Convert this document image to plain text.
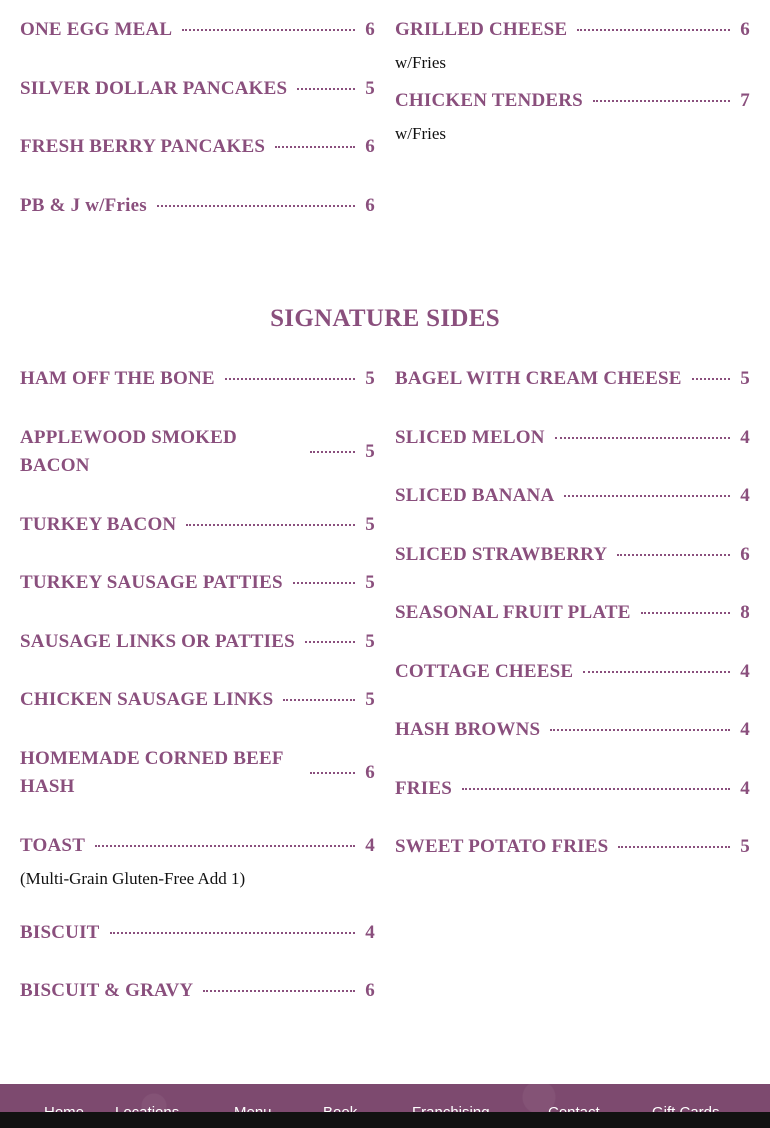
ONE EGG MEAL	6
SILVER DOLLAR PANCAKES	5
FRESH BERRY PANCAKES	6
PB & J w/Fries	6
GRILLED CHEESE	6
w/Fries
CHICKEN TENDERS	7
w/Fries
SIGNATURE SIDES
HAM OFF THE BONE	5
APPLEWOOD SMOKED BACON
5
TURKEY BACON	5
TURKEY SAUSAGE PATTIES	5
SAUSAGE LINKS OR PATTIES	5
CHICKEN SAUSAGE LINKS	5
HOMEMADE CORNED BEEF HASH
6
TOAST	4
(Multi-Grain Gluten-Free Add 1)
BISCUIT	4
BISCUIT & GRAVY	6
BAGEL WITH CREAM CHEESE	5
SLICED MELON	4
SLICED BANANA	4
SLICED STRAWBERRY	6
SEASONAL FRUIT PLATE	8
COTTAGE CHEESE	4
HASH BROWNS	4
FRIES	4
SWEET POTATO FRIES	5
